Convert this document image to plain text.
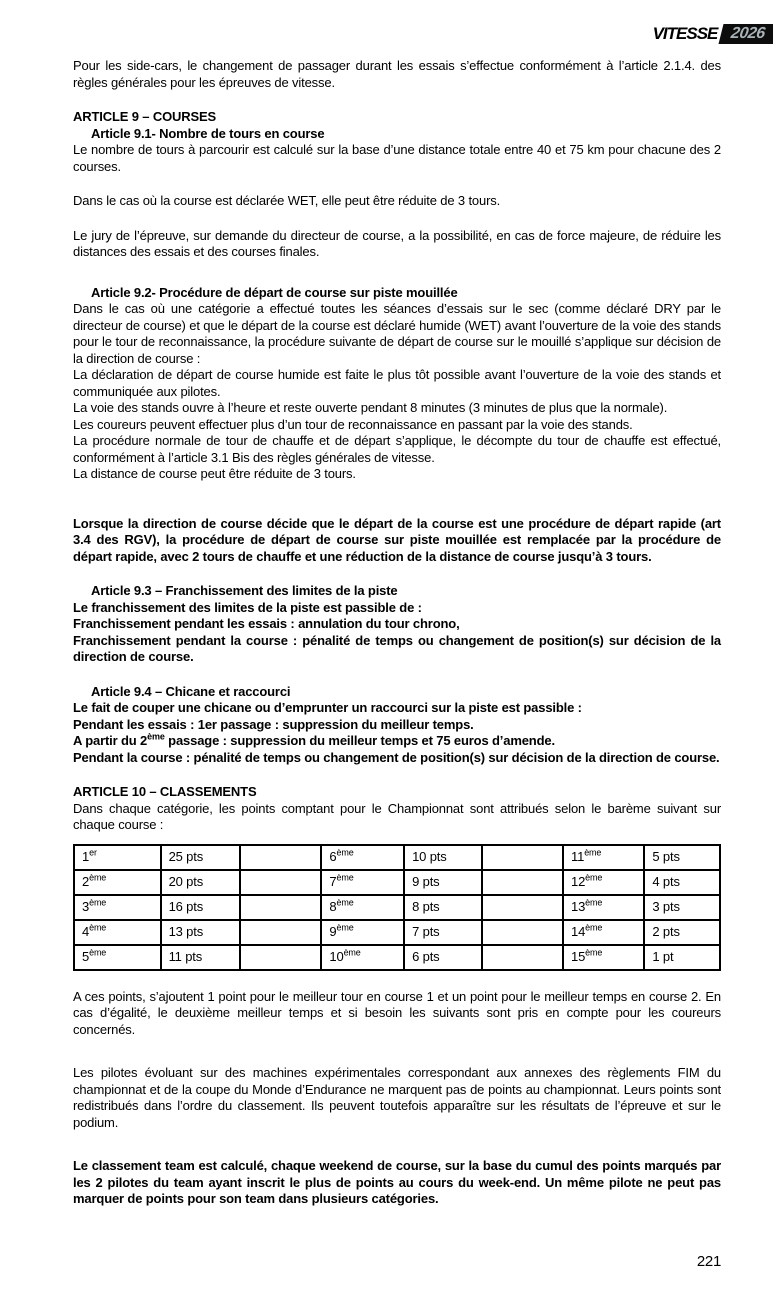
VITESSE 2026

Pour les side-cars, le changement de passager durant les essais s’effectue conformément à l’article 2.1.4. des règles générales pour les épreuves de vitesse.

ARTICLE 9 – COURSES

Article 9.1- Nombre de tours en course

Le nombre de tours à parcourir est calculé sur la base d’une distance totale entre 40 et 75 km pour chacune des 2 courses.

Dans le cas où la course est déclarée WET, elle peut être réduite de 3 tours.

Le jury de l’épreuve, sur demande du directeur de course, a la possibilité, en cas de force majeure, de réduire les distances des essais et des courses finales.

Article 9.2- Procédure de départ de course sur piste mouillée

Dans le cas où une catégorie a effectué toutes les séances d’essais sur le sec (comme déclaré DRY par le directeur de course) et que le départ de la course est déclaré humide (WET) avant l’ouverture de la voie des stands pour le tour de reconnaissance, la procédure suivante de départ de course sur le mouillé s’applique sur décision de la direction de course :

La déclaration de départ de course humide est faite le plus tôt possible avant l’ouverture de la voie des stands et communiquée aux pilotes.

La voie des stands ouvre à l’heure et reste ouverte pendant 8 minutes (3 minutes de plus que la normale).

Les coureurs peuvent effectuer plus d’un tour de reconnaissance en passant par la voie des stands.

La procédure normale de tour de chauffe et de départ s’applique, le décompte du tour de chauffe est effectué, conformément à l’article 3.1 Bis des règles générales de vitesse.

La distance de course peut être réduite de 3 tours.

Lorsque la direction de course décide que le départ de la course est une procédure de départ rapide (art 3.4 des RGV), la procédure de départ de course sur piste mouillée est remplacée par la procédure de départ rapide, avec 2 tours de chauffe et une réduction de la distance de course jusqu’à 3 tours.

Article 9.3 – Franchissement des limites de la piste

Le franchissement des limites de la piste est passible de :

Franchissement pendant les essais : annulation du tour chrono,

Franchissement pendant la course : pénalité de temps ou changement de position(s) sur décision de la direction de course.

Article 9.4 – Chicane et raccourci

Le fait de couper une chicane ou d’emprunter un raccourci sur la piste est passible :

Pendant les essais : 1er passage : suppression du meilleur temps.

A partir du 2ème passage : suppression du meilleur temps et 75 euros d’amende.

Pendant la course : pénalité de temps ou changement de position(s) sur décision de la direction de course.

ARTICLE 10 – CLASSEMENTS

Dans chaque catégorie, les points comptant pour le Championnat sont attribués selon le barème suivant sur chaque course :

1er	25 pts		6ème	10 pts		11ème	5 pts
2ème	20 pts		7ème	9 pts		12ème	4 pts
3ème	16 pts		8ème	8 pts		13ème	3 pts
4ème	13 pts		9ème	7 pts		14ème	2 pts
5ème	11 pts		10ème	6 pts		15ème	1 pt

A ces points, s’ajoutent 1 point pour le meilleur tour en course 1 et un point pour le meilleur temps en course 2. En cas d’égalité, le deuxième meilleur temps et si besoin les suivants sont pris en compte pour les coureurs concernés.

Les pilotes évoluant sur des machines expérimentales correspondant aux annexes des règlements FIM du championnat et de la coupe du Monde d’Endurance ne marquent pas de points au championnat. Leurs points sont redistribués dans l’ordre du classement. Ils peuvent toutefois apparaître sur les résultats de l’épreuve et sur le podium.

Le classement team est calculé, chaque weekend de course, sur la base du cumul des points marqués par les 2 pilotes du team ayant inscrit le plus de points au cours du week-end. Un même pilote ne peut pas marquer de points pour son team dans plusieurs catégories.

221
